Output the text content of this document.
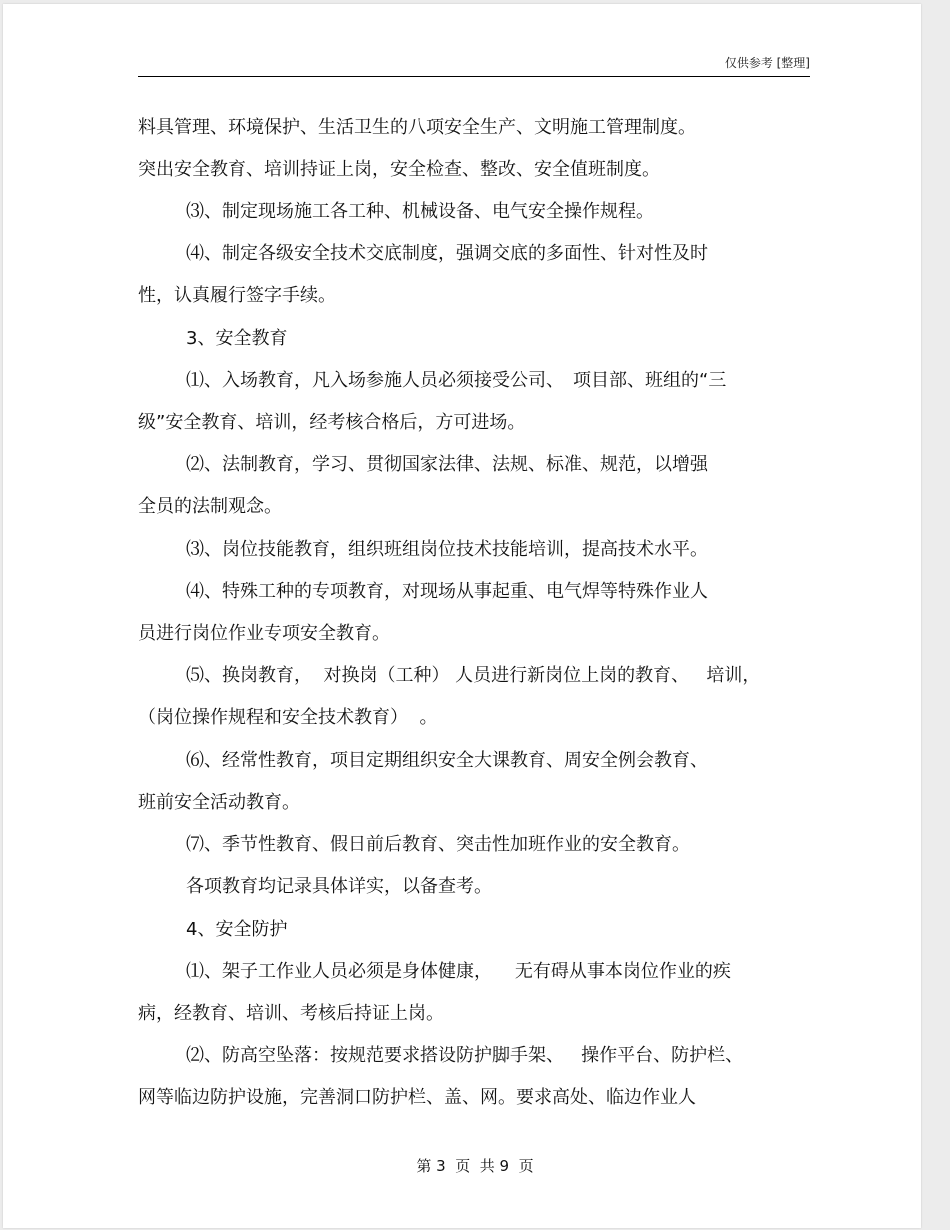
仅供参考 [整理]
料具管理、环境保护、生活卫生的八项安全生产、文明施工管理制度。
突出安全教育、培训持证上岗，安全检查、整改、安全值班制度。
⑶、制定现场施工各工种、机械设备、电气安全操作规程。
⑷、制定各级安全技术交底制度，强调交底的多面性、针对性及时
性，认真履行签字手续。
3、安全教育
⑴、入场教育，凡入场参施人员必须接受公司、　项目部、班组的“三
级”安全教育、培训，经考核合格后，方可进场。
⑵、法制教育，学习、贯彻国家法律、法规、标准、规范，以增强
全员的法制观念。
⑶、岗位技能教育，组织班组岗位技术技能培训，提高技术水平。
⑷、特殊工种的专项教育，对现场从事起重、电气焊等特殊作业人
员进行岗位作业专项安全教育。
⑸、换岗教育，  对换岗（工种） 人员进行新岗位上岗的教育、   培训，
（岗位操作规程和安全技术教育）  。
⑹、经常性教育，项目定期组织安全大课教育、周安全例会教育、
班前安全活动教育。
⑺、季节性教育、假日前后教育、突击性加班作业的安全教育。
各项教育均记录具体详实，以备查考。
4、安全防护
⑴、架子工作业人员必须是身体健康，    无有碍从事本岗位作业的疾
病，经教育、培训、考核后持证上岗。
⑵、防高空坠落：按规范要求搭设防护脚手架、   操作平台、防护栏、
网等临边防护设施，完善洞口防护栏、盖、网。要求高处、临边作业人
第 3  页  共 9  页
